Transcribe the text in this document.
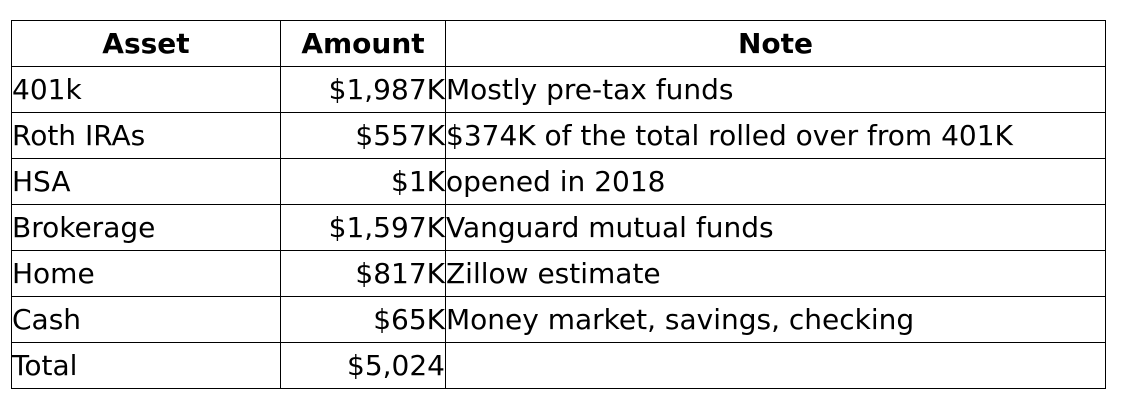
Asset	Amount	Note
401k	$1,987K	Mostly pre-tax funds
Roth IRAs	$557K	$374K of the total rolled over from 401K
HSA	$1K	opened in 2018
Brokerage	$1,597K	Vanguard mutual funds
Home	$817K	Zillow estimate
Cash	$65K	Money market, savings, checking
Total	$5,024	
